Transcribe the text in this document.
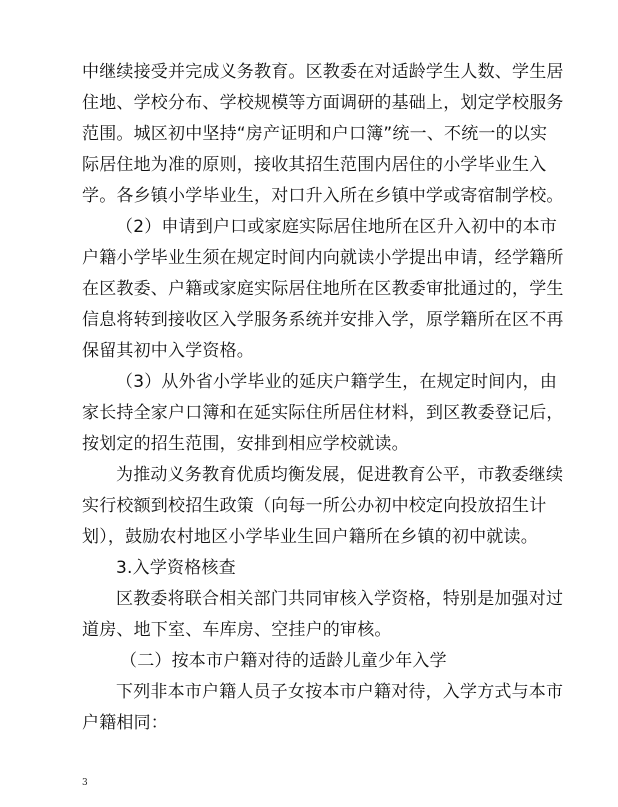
中继续接受并完成义务教育。区教委在对适龄学生人数、学生居
住地、学校分布、学校规模等方面调研的基础上，划定学校服务
范围。城区初中坚持“房产证明和户口簿”统一、不统一的以实
际居住地为准的原则，接收其招生范围内居住的小学毕业生入
学。各乡镇小学毕业生，对口升入所在乡镇中学或寄宿制学校。
（2）申请到户口或家庭实际居住地所在区升入初中的本市
户籍小学毕业生须在规定时间内向就读小学提出申请，经学籍所
在区教委、户籍或家庭实际居住地所在区教委审批通过的，学生
信息将转到接收区入学服务系统并安排入学，原学籍所在区不再
保留其初中入学资格。
（3）从外省小学毕业的延庆户籍学生，在规定时间内，由
家长持全家户口簿和在延实际住所居住材料，到区教委登记后，
按划定的招生范围，安排到相应学校就读。
为推动义务教育优质均衡发展，促进教育公平，市教委继续
实行校额到校招生政策（向每一所公办初中校定向投放招生计
划），鼓励农村地区小学毕业生回户籍所在乡镇的初中就读。
3.入学资格核查
区教委将联合相关部门共同审核入学资格，特别是加强对过
道房、地下室、车库房、空挂户的审核。
（二）按本市户籍对待的适龄儿童少年入学
下列非本市户籍人员子女按本市户籍对待，入学方式与本市
户籍相同：
3
